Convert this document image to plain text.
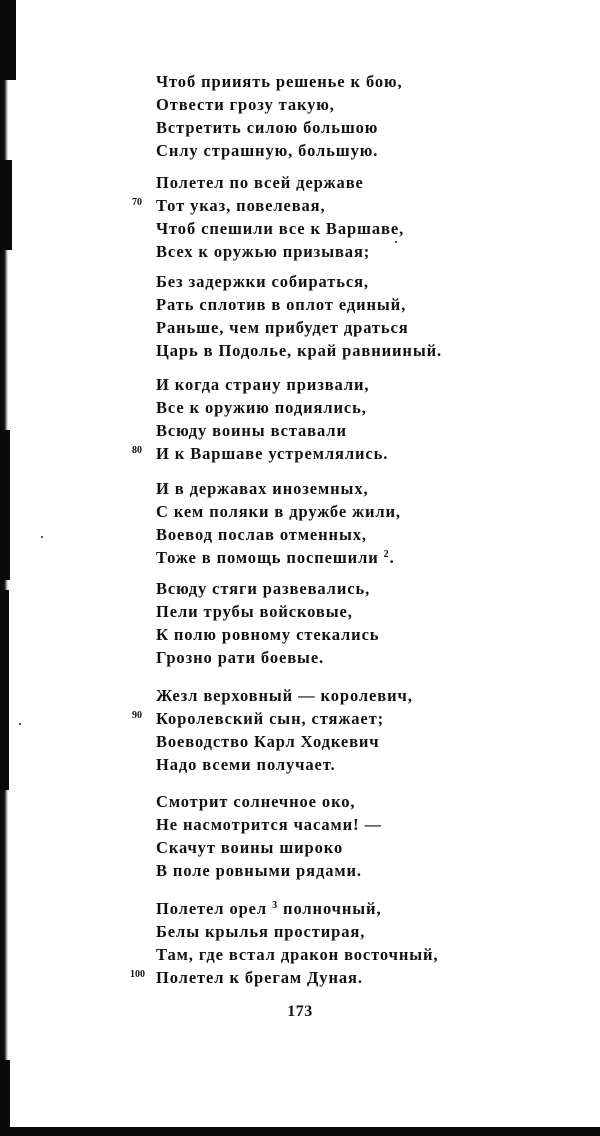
Чтоб прииять решенье к бою,
Отвести грозу такую,
Встретить силою большою
Снлу страшную, большую.
Полетел по всей державе
70 Тот указ, повелевая,
Чтоб спешили все к Варшаве,
Всех к оружью призывая;
Без задержки собираться,
Рать сплотив в оплот единый,
Раньше, чем прибудет драться
Царь в Подолье, край равнииный.
И когда страну призвали,
Все к оружию подиялись,
Всюду воины вставали
80 И к Варшаве устремлялись.
И в державах иноземных,
С кем поляки в дружбе жили,
Воевод послав отменных,
Тоже в помощь поспешили $^2$.
Всюду стяги развевались,
Пели трубы войсковые,
К полю ровному стекались
Грозно рати боевые.
Жезл верховный — королевич,
90 Королевский сын, стяжает;
Воеводство Карл Ходкевич
Надо всеми получает.
Смотрит солнечное око,
Не насмотрится часами! —
Скачут воины широко
В поле ровными рядами.
Полетел орел $^3$ полночный,
Белы крылья простирая,
Там, где встал дракон восточный,
100 Полетел к брегам Дуная.
173
